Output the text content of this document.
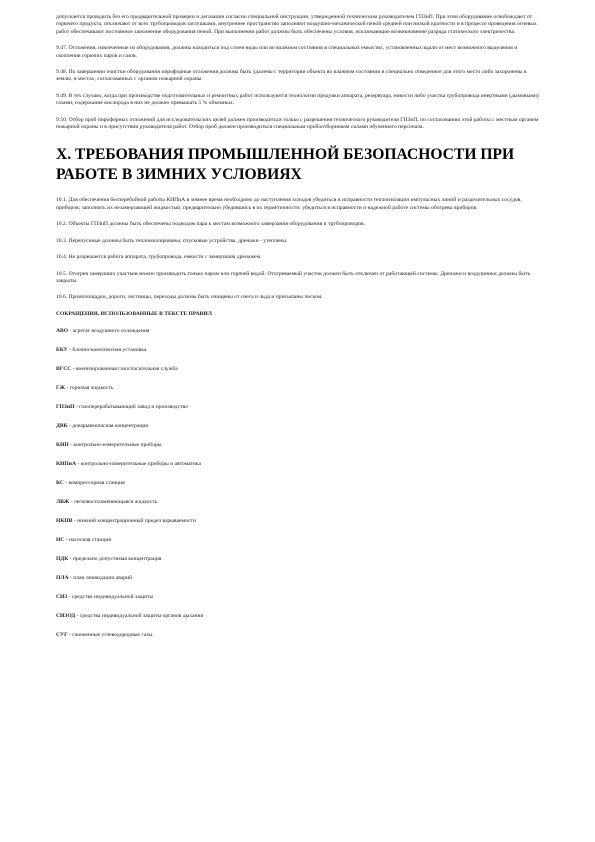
допускается проводить без его предварительной проверки и дегазации согласно специальной инструкции, утвержденной техническим руководителем ГПЗиП. При этом оборудование освобождают от горючего продукта, отключают от всех трубопроводов заглушками, внутреннее пространство заполняют воздушно-механической пеной средней или низкой кратности и в процессе проведения огневых работ обеспечивают постоянное заполнение оборудования пеной. При выполнении работ должны быть обеспечены условия, исключающие возникновение разряда статического электричества.

9.47. Отложения, извлеченные из оборудования, должны находиться под слоем воды или во влажном состоянии в специальных емкостях, установленных вдали от мест возможного выделения и скопления горючих паров и газов.

9.48. По завершении очистки оборудования пирофорные отложения должны быть удалены с территории объекта во влажном состоянии в специально отведенное для этого место либо захоронены в землю, в местах, согласованных с органом пожарной охраны.

9.49. В тех случаях, когда при производстве подготовительных и ремонтных работ используются технологии продувки аппарата, резервуара, емкости либо участка трубопровода инертными (дымовыми) газами, содержание кислорода в них не должно превышать 5 % объемных.

9.50. Отбор проб пирофорных отложений для исследовательских целей должен производиться только с разрешения технического руководителя ГПЗиП, по согласованию этой работы с местным органом пожарной охраны и в присутствии руководителя работ. Отбор проб должен производиться специальным пробоотборником силами обученного персонала.

X. ТРЕБОВАНИЯ ПРОМЫШЛЕННОЙ БЕЗОПАСНОСТИ ПРИ РАБОТЕ В ЗИМНИХ УСЛОВИЯХ

10.1. Для обеспечения бесперебойной работы КИПиА в зимнее время необходимо до наступления холодов убедиться в исправности теплоизоляции импульсных линий и разделительных сосудов, приборов; заполнить их незамерзающей жидкостью, предварительно убедившись в их герметичности; убедиться в исправности и надежной работе системы обогрева приборов.

10.2. Объекты ГПЗиП должны быть обеспечены подводом пара к местам возможного замерзания оборудования и трубопроводов.

10.3. Перепускные должны быть теплоизолированы, спусковые устройства, дренажи - утеплены.

10.4. Не разрешается работа аппарата, трубопровода, емкости с замерзшим дренажем.

10.5. Отогрев замерзших участков можно производить только паром или горячей водой. Отогреваемый участок должен быть отключен от работающей системы. Дренажи и воздушники должны быть закрыты.

10.6. Промплощадки, дороги, лестницы, переходы должны быть очищены от снега и льда и присыпаны песком.

СОКРАЩЕНИЯ, ИСПОЛЬЗОВАННЫЕ В ТЕКСТЕ ПРАВИЛ
АВО - агрегат воздушного охлаждения
БКУ - блочно-комплектная установка
ВГСС - военизированная газоспасательная служба
ГЖ - горючая жидкость
ГПЗиП - газоперерабатывающий завод и производство
ДВК - довзрывоопасная концентрация
КИП - контрольно-измерительные приборы
КИПиА - контрольно-измерительные приборы и автоматика
КС - компрессорная станция
ЛВЖ - легковоспламеняющаяся жидкость
НКПВ - нижний концентрационный предел взрываемости
НС - насосная станция
ПДК - предельно допустимая концентрация
ПЛА - план ликвидации аварий
СИЗ - средства индивидуальной защиты
СИЗОД - средства индивидуальной защиты органов дыхания
СУГ - сжиженные углеводородные газы.
